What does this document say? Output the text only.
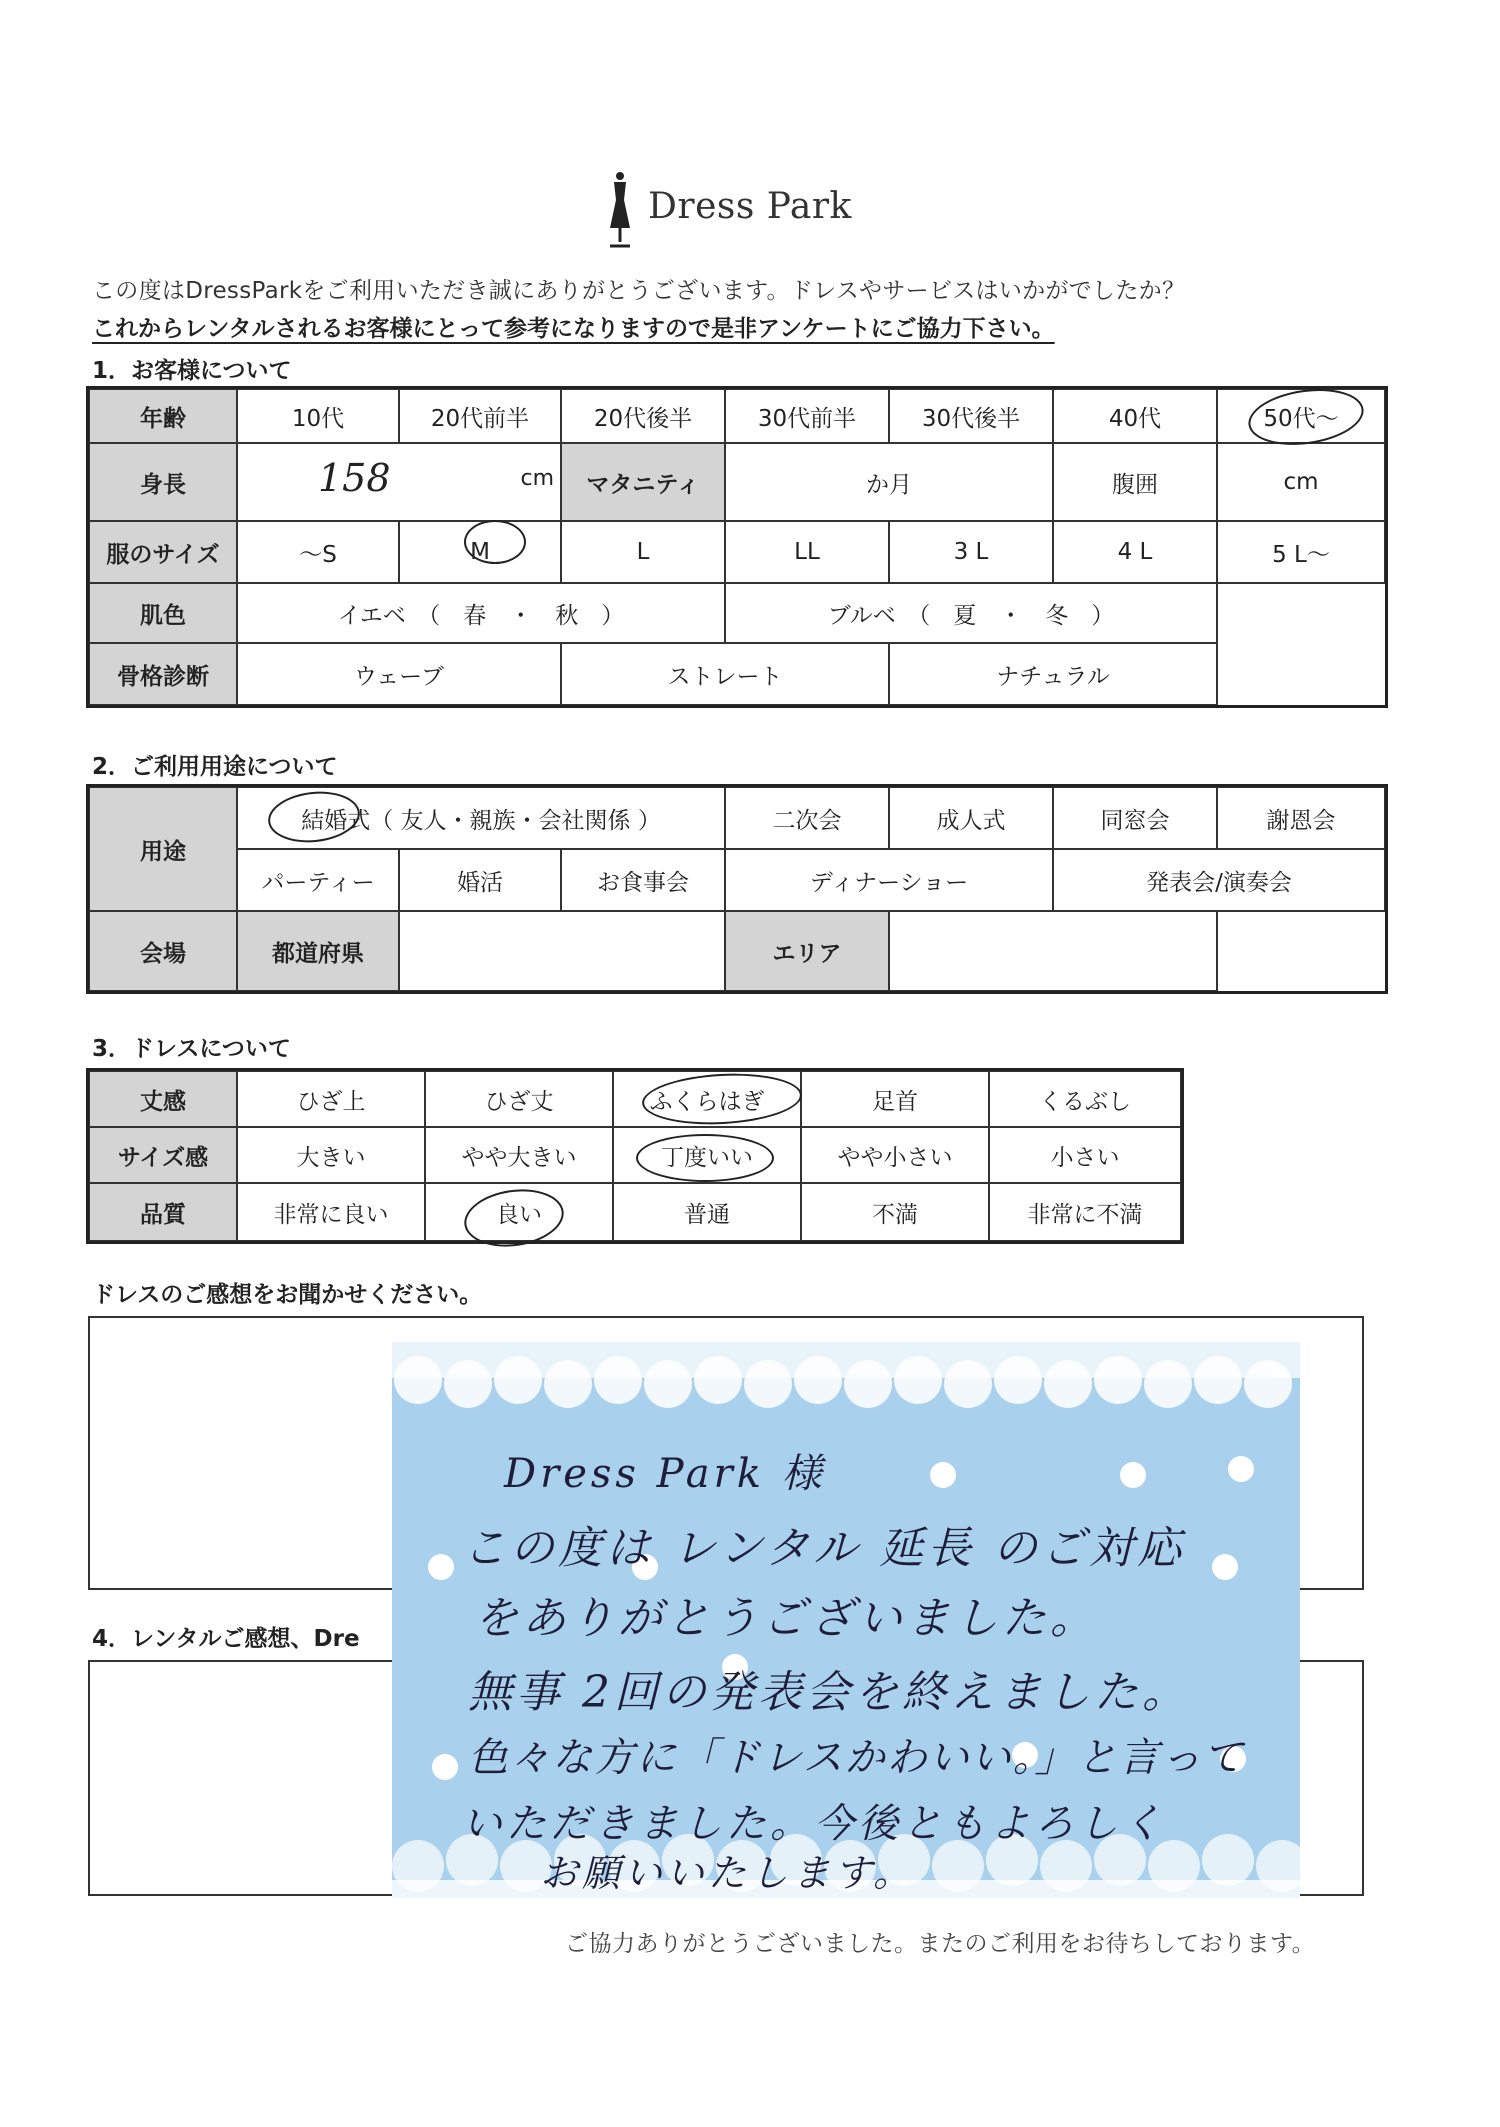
Dress Park
この度はDressParkをご利用いただき誠にありがとうございます。ドレスやサービスはいかがでしたか？
これからレンタルされるお客様にとって参考になりますので是非アンケートにご協力下さい。
1．お客様について
年齢	10代	20代前半	20代後半	30代前半	30代後半	40代	50代〜
身長	158 cm		マタニティ	か月		腹囲	cm
服のサイズ	〜S	M	L	LL	3 L	4 L	5 L〜
肌色	イエベ　（　春　・　秋　）			ブルベ　（　夏　・　冬　）			
骨格診断	ウェーブ		ストレート		ナチュラル		
2．ご利用用途について
用途	結婚式（ 友人・親族・会社関係 ）			二次会	成人式	同窓会	謝恩会
	パーティー	婚活	お食事会	ディナーショー		発表会/演奏会	
会場	都道府県			エリア			
3．ドレスについて
丈感	ひざ上	ひざ丈	ふくらはぎ	足首	くるぶし
サイズ感	大きい	やや大きい	丁度いい	やや小さい	小さい
品質	非常に良い	良い	普通	不満	非常に不満
ドレスのご感想をお聞かせください。
4．レンタルご感想、Dre
Dress Park 様
この度は レンタル 延長 のご対応
をありがとうございました。
無事 2回の発表会を終えました。
色々な方に「ドレスかわいい。」と言って
いただきました。今後ともよろしく
お願いいたします。
ご協力ありがとうございました。またのご利用をお待ちしております。
